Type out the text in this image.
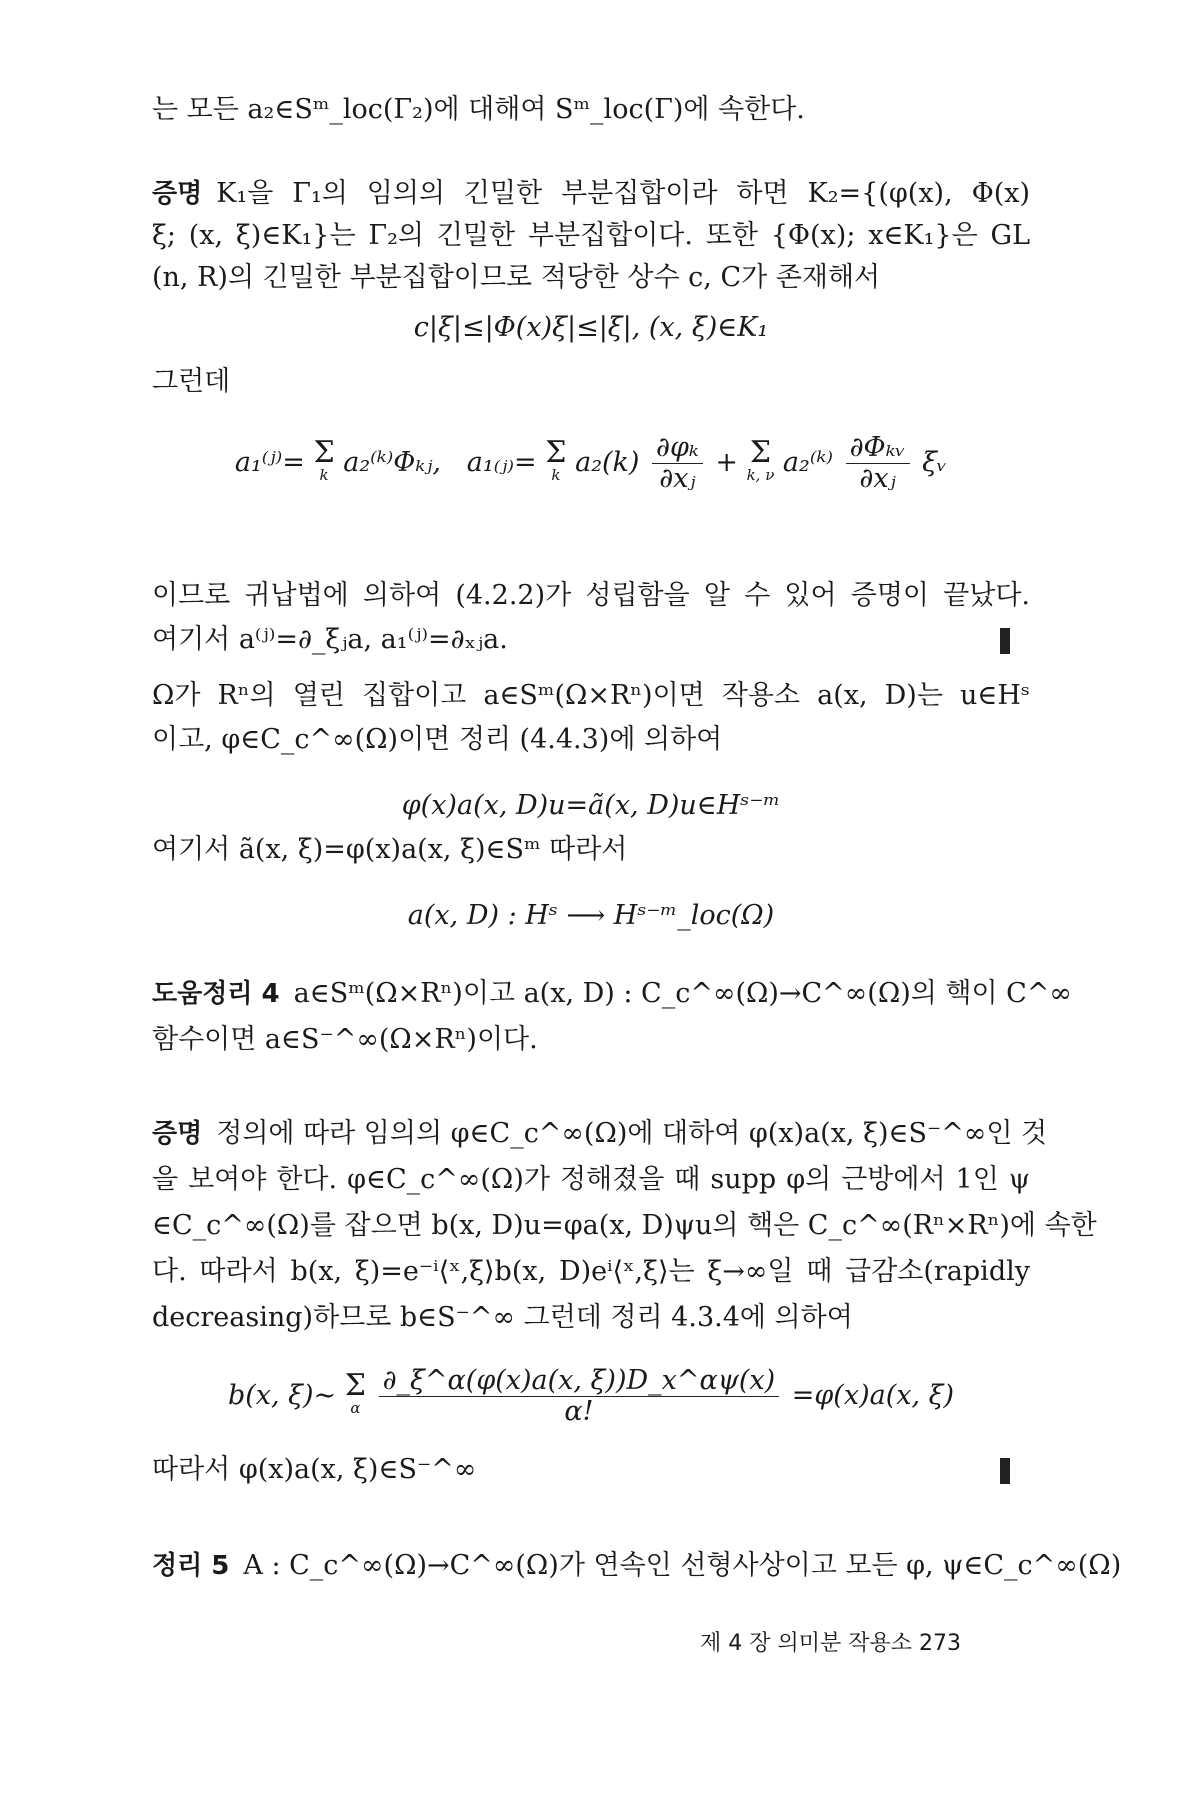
는 모든 a₂∈Sᵐ_loc(Γ₂)에 대해여 Sᵐ_loc(Γ)에 속한다.
증명 K₁을 Γ₁의 임의의 긴밀한 부분집합이라 하면 K₂={(φ(x), Φ(x)
ξ; (x, ξ)∈K₁}는 Γ₂의 긴밀한 부분집합이다. 또한 {Φ(x); x∈K₁}은 GL
(n, R)의 긴밀한 부분집합이므로 적당한 상수 c, C가 존재해서
c|ξ|≤|Φ(x)ξ|≤|ξ|, (x, ξ)∈K₁
그런데
a₁⁽ʲ⁾= Σ
k a₂⁽ᵏ⁾Φₖⱼ, a₁₍ⱼ₎= Σ
k $a_2(k) \frac{\text{∂φₖ}}{\text{∂xⱼ}} + \Sigma$
k, ν a₂⁽ᵏ⁾ $\frac{\text{∂Φₖᵥ}}{\text{∂xⱼ}}$ ξᵥ
이므로 귀납법에 의하여 (4.2.2)가 성립함을 알 수 있어 증명이 끝났다.
여기서 a⁽ʲ⁾=∂_ξⱼa, a₁⁽ʲ⁾=∂ₓⱼa.
Ω가 Rⁿ의 열린 집합이고 a∈Sᵐ(Ω×Rⁿ)이면 작용소 a(x, D)는 u∈Hˢ
이고, φ∈C_c^∞(Ω)이면 정리 (4.4.3)에 의하여
φ(x)a(x, D)u=ã(x, D)u∈Hˢ⁻ᵐ
여기서 ã(x, ξ)=φ(x)a(x, ξ)∈Sᵐ 따라서
a(x, D) : Hˢ ⟶ Hˢ⁻ᵐ_loc(Ω)
도움정리 4 a∈Sᵐ(Ω×Rⁿ)이고 a(x, D) : C_c^∞(Ω)→C^∞(Ω)의 핵이 C^∞
함수이면 a∈S⁻^∞(Ω×Rⁿ)이다.
증명 정의에 따라 임의의 φ∈C_c^∞(Ω)에 대하여 φ(x)a(x, ξ)∈S⁻^∞인 것
을 보여야 한다. φ∈C_c^∞(Ω)가 정해졌을 때 supp φ의 근방에서 1인 ψ
∈C_c^∞(Ω)를 잡으면 b(x, D)u=φa(x, D)ψu의 핵은 C_c^∞(Rⁿ×Rⁿ)에 속한
다. 따라서 b(x, ξ)=e⁻ⁱ⟨ˣ,ξ⟩b(x, D)eⁱ⟨ˣ,ξ⟩는 ξ→∞일 때 급감소(rapidly
decreasing)하므로 b∈S⁻^∞ 그런데 정리 4.3.4에 의하여
b(x, ξ)∼ Σ
α
$\frac{\partial\_\xi\^{}\alpha(\varphi(x)a(x, \xi))D\_x\^{}\alpha\psi(x)}{\alpha!} =\varphi(x)a(x$, ξ)
따라서 φ(x)a(x, ξ)∈S⁻^∞
정리 5 A : C_c^∞(Ω)→C^∞(Ω)가 연속인 선형사상이고 모든 φ, ψ∈C_c^∞(Ω)
제 4 장 의미분 작용소 273
